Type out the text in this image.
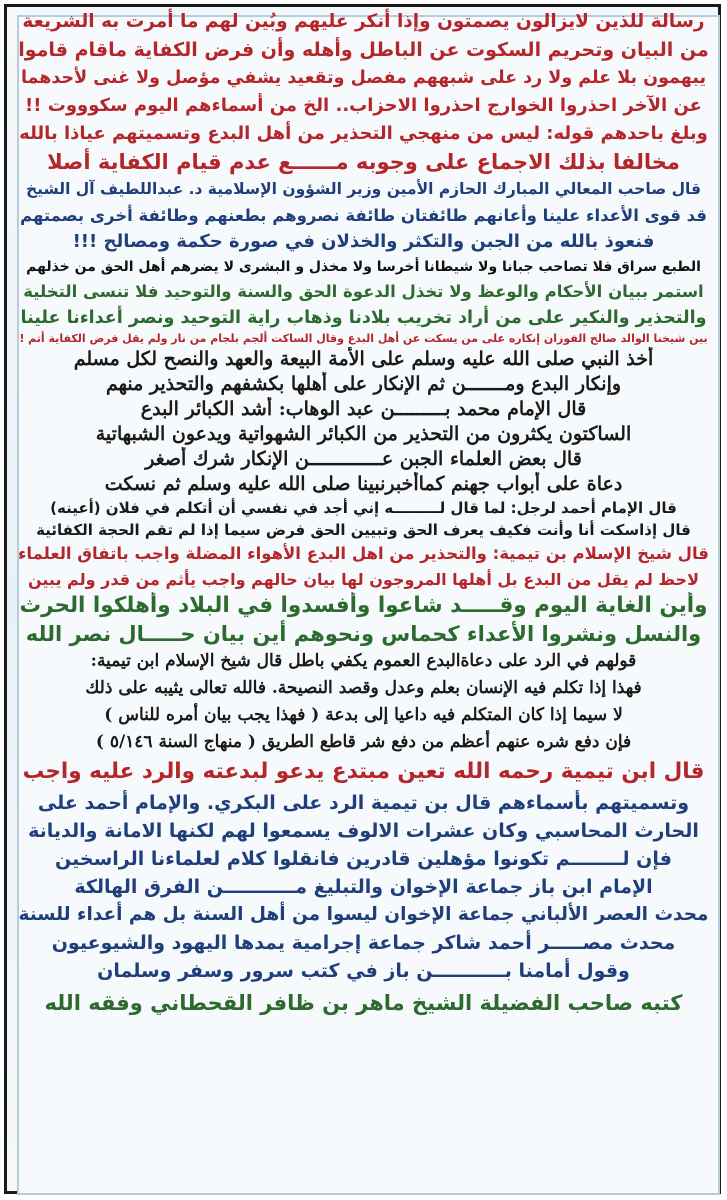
رسالة للذين لايزالون يصمتون وإذا أُنكر عليهم وبُين لهم ما أمرت به الشريعة
من البيان وتحريم السكوت عن الباطل وأهله وأن فرض الكفاية ماقام قاموا
يبهمون بلا علم ولا رد على شبههم مفصل وتقعيد يشفي مؤصل ولا غنى لأحدهما
عن الآخر احذروا الخوارج احذروا الاحزاب.. الخ من أسماءهم اليوم سكوووت !!
وبلغ باحدهم قوله: ليس من منهجي التحذير من أهل البدع وتسميتهم عياذا بالله
مخالفا بذلك الاجماع على وجوبه مــــــع عدم قيام الكفاية أصلا
قال صاحب المعالي المبارك الحازم الأمين وزير الشؤون الإسلامية د. عبداللطيف آل الشيخ
قد قوى الأعداء علينا وأعانهم طائفتان طائفة نصروهم بطعنهم وطائفة أخرى بصمتهم
فنعوذ بالله من الجبن والتكثر والخذلان في صورة حكمة ومصالح !!!
الطبع سراق فلا تصاحب جبانا ولا شيطانا أخرسا ولا مخذل و البشرى لا يضرهم أهل الحق من خذلهم
استمر ببيان الأحكام والوعظ ولا تخذل الدعوة الحق والسنة والتوحيد فلا تنسى التخلية
والتحذير والنكير على من أراد تخريب بلادنا وذهاب راية التوحيد ونصر أعداءنا علينا
بين شيخنا الوالد صالح الفوزان إنكاره على من يسكت عن أهل البدع وقال الساكت ألجم بلجام من نار ولم يقل فرض الكفاية أتم !
أخذ النبي صلى الله عليه وسلم على الأمة البيعة والعهد والنصح لكل مسلم
وإنكار البدع ومـــــــن ثم الإنكار على أهلها بكشفهم والتحذير منهم
قال الإمام محمد بـــــــــن عبد الوهاب: أشد الكبائر البدع
الساكتون يكثرون من التحذير من الكبائر الشهواتية ويدعون الشبهاتية
قال بعض العلماء الجبن عـــــــــــــن الإنكار شرك أصغر
دعاة على أبواب جهنم كماأخبرنبينا صلى الله عليه وسلم ثم نسكت
قال الإمام أحمد لرجل: لما قال لـــــــــه إني أجد في نفسي أن أتكلم في فلان (أعينه)
قال إذاسكت أنا وأنت فكيف يعرف الحق وتبيين الحق فرض سيما إذا لم تقم الحجة الكفائية
قال شيخ الإسلام بن تيمية: والتحذير من اهل البدع الأهواء المضلة واجب باتفاق العلماء
لاحظ لم يقل من البدع بل أهلها المروجون لها بيان حالهم واجب يأثم من قدر ولم يبين
وأين الغاية اليوم وقـــــد شاعوا وأفسدوا في البلاد وأهلكوا الحرث
والنسل ونشروا الأعداء كحماس ونحوهم أين بيان حـــــال نصر الله
قولهم في الرد على دعاةالبدع العموم يكفي باطل قال شيخ الإسلام ابن تيمية:
فهذا إذا تكلم فيه الإنسان بعلم وعدل وقصد النصيحة. فالله تعالى يثيبه على ذلك
لا سيما إذا كان المتكلم فيه داعيا إلى بدعة ( فهذا يجب بيان أمره للناس )
فإن دفع شره عنهم أعظم من دفع شر قاطع الطريق ( منهاج السنة ٥/١٤٦ )
قال ابن تيمية رحمه الله تعين مبتدع يدعو لبدعته والرد عليه واجب
وتسميتهم بأسماءهم قال بن تيمية الرد على البكري. والإمام أحمد على
الحارث المحاسبي وكان عشرات الالوف يسمعوا لهم لكنها الامانة والديانة
فإن لــــــــم تكونوا مؤهلين قادرين فانقلوا كلام لعلماءنا الراسخين
الإمام ابن باز جماعة الإخوان والتبليغ مـــــــــــن الفرق الهالكة
محدث العصر الألباني جماعة الإخوان ليسوا من أهل السنة بل هم أعداء للسنة
محدث مصـــــر أحمد شاكر جماعة إجرامية يمدها اليهود والشيوعيون
وقول أمامنا بـــــــــــن باز في كتب سرور وسفر وسلمان
كتبه صاحب الفضيلة الشيخ ماهر بن ظافر القحطاني وفقه الله
